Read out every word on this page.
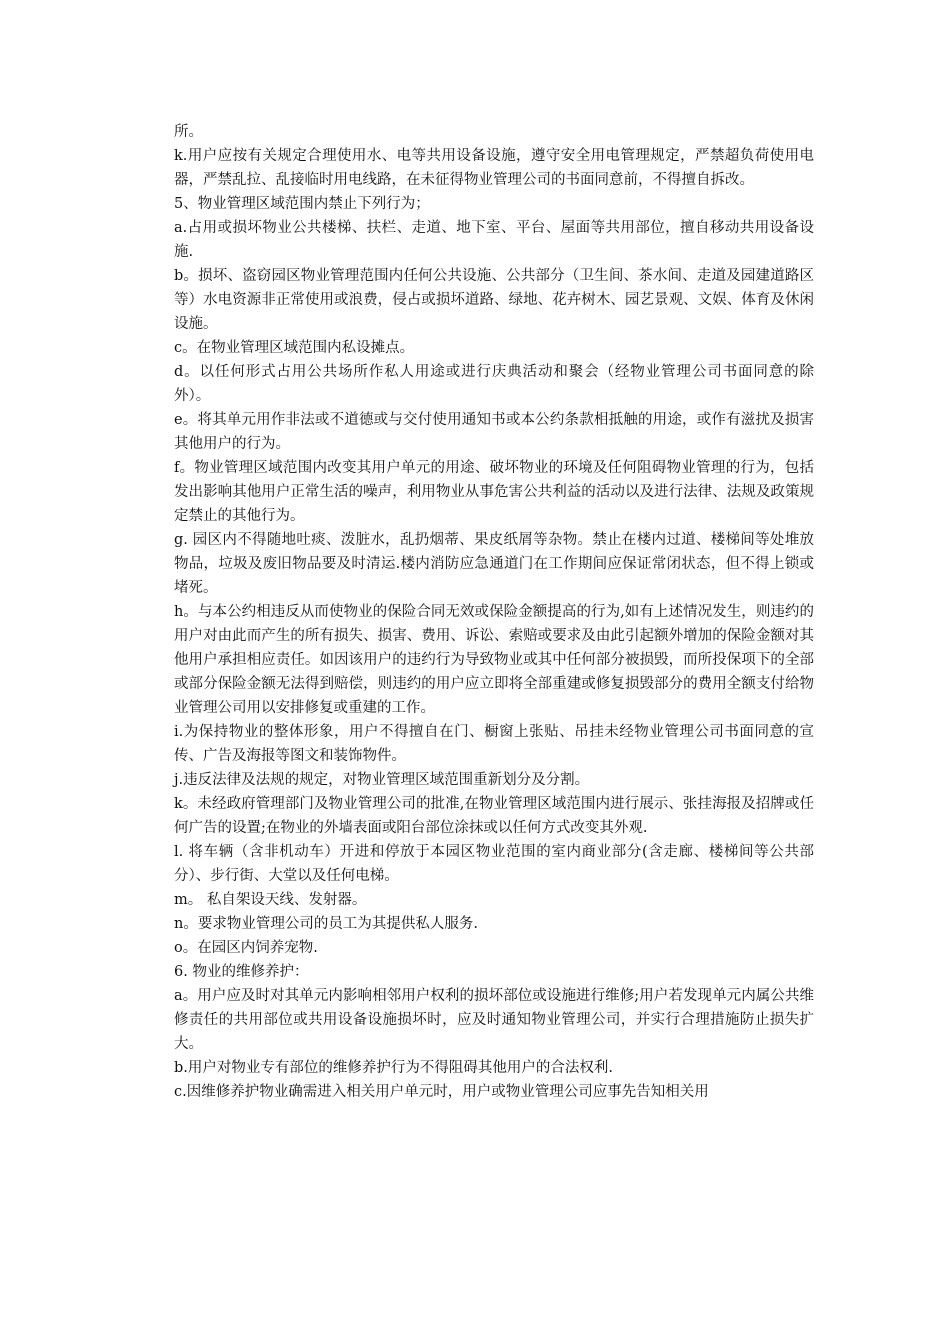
所。

k.用户应按有关规定合理使用水、电等共用设备设施，遵守安全用电管理规定，严禁超负荷使用电器，严禁乱拉、乱接临时用电线路，在未征得物业管理公司的书面同意前，不得擅自拆改。

5、物业管理区域范围内禁止下列行为；

a.占用或损坏物业公共楼梯、扶栏、走道、地下室、平台、屋面等共用部位，擅自移动共用设备设施.

b。损坏、盗窃园区物业管理范围内任何公共设施、公共部分（卫生间、茶水间、走道及园建道路区等）水电资源非正常使用或浪费，侵占或损坏道路、绿地、花卉树木、园艺景观、文娱、体育及休闲设施。

c。在物业管理区域范围内私设摊点。

d。以任何形式占用公共场所作私人用途或进行庆典活动和聚会（经物业管理公司书面同意的除外）。

e。将其单元用作非法或不道德或与交付使用通知书或本公约条款相抵触的用途，或作有滋扰及损害其他用户的行为。

f。物业管理区域范围内改变其用户单元的用途、破坏物业的环境及任何阻碍物业管理的行为，包括发出影响其他用户正常生活的噪声，利用物业从事危害公共利益的活动以及进行法律、法规及政策规定禁止的其他行为。

g. 园区内不得随地吐痰、泼脏水，乱扔烟蒂、果皮纸屑等杂物。禁止在楼内过道、楼梯间等处堆放物品，垃圾及废旧物品要及时清运.楼内消防应急通道门在工作期间应保证常闭状态，但不得上锁或堵死。

h。与本公约相违反从而使物业的保险合同无效或保险金额提高的行为,如有上述情况发生，则违约的用户对由此而产生的所有损失、损害、费用、诉讼、索赔或要求及由此引起额外增加的保险金额对其他用户承担相应责任。如因该用户的违约行为导致物业或其中任何部分被损毁，而所投保项下的全部或部分保险金额无法得到赔偿，则违约的用户应立即将全部重建或修复损毁部分的费用全额支付给物业管理公司用以安排修复或重建的工作。

i.为保持物业的整体形象，用户不得擅自在门、橱窗上张贴、吊挂未经物业管理公司书面同意的宣传、广告及海报等图文和装饰物件。

j.违反法律及法规的规定，对物业管理区域范围重新划分及分割。

k。未经政府管理部门及物业管理公司的批准,在物业管理区域范围内进行展示、张挂海报及招牌或任何广告的设置;在物业的外墙表面或阳台部位涂抹或以任何方式改变其外观.

l. 将车辆（含非机动车）开进和停放于本园区物业范围的室内商业部分(含走廊、楼梯间等公共部分）、步行街、大堂以及任何电梯。

m。 私自架设天线、发射器。

n。要求物业管理公司的员工为其提供私人服务.

o。在园区内饲养宠物.

6. 物业的维修养护：

a。用户应及时对其单元内影响相邻用户权利的损坏部位或设施进行维修;用户若发现单元内属公共维修责任的共用部位或共用设备设施损坏时，应及时通知物业管理公司，并实行合理措施防止损失扩大。

b.用户对物业专有部位的维修养护行为不得阻碍其他用户的合法权利.

c.因维修养护物业确需进入相关用户单元时，用户或物业管理公司应事先告知相关用
